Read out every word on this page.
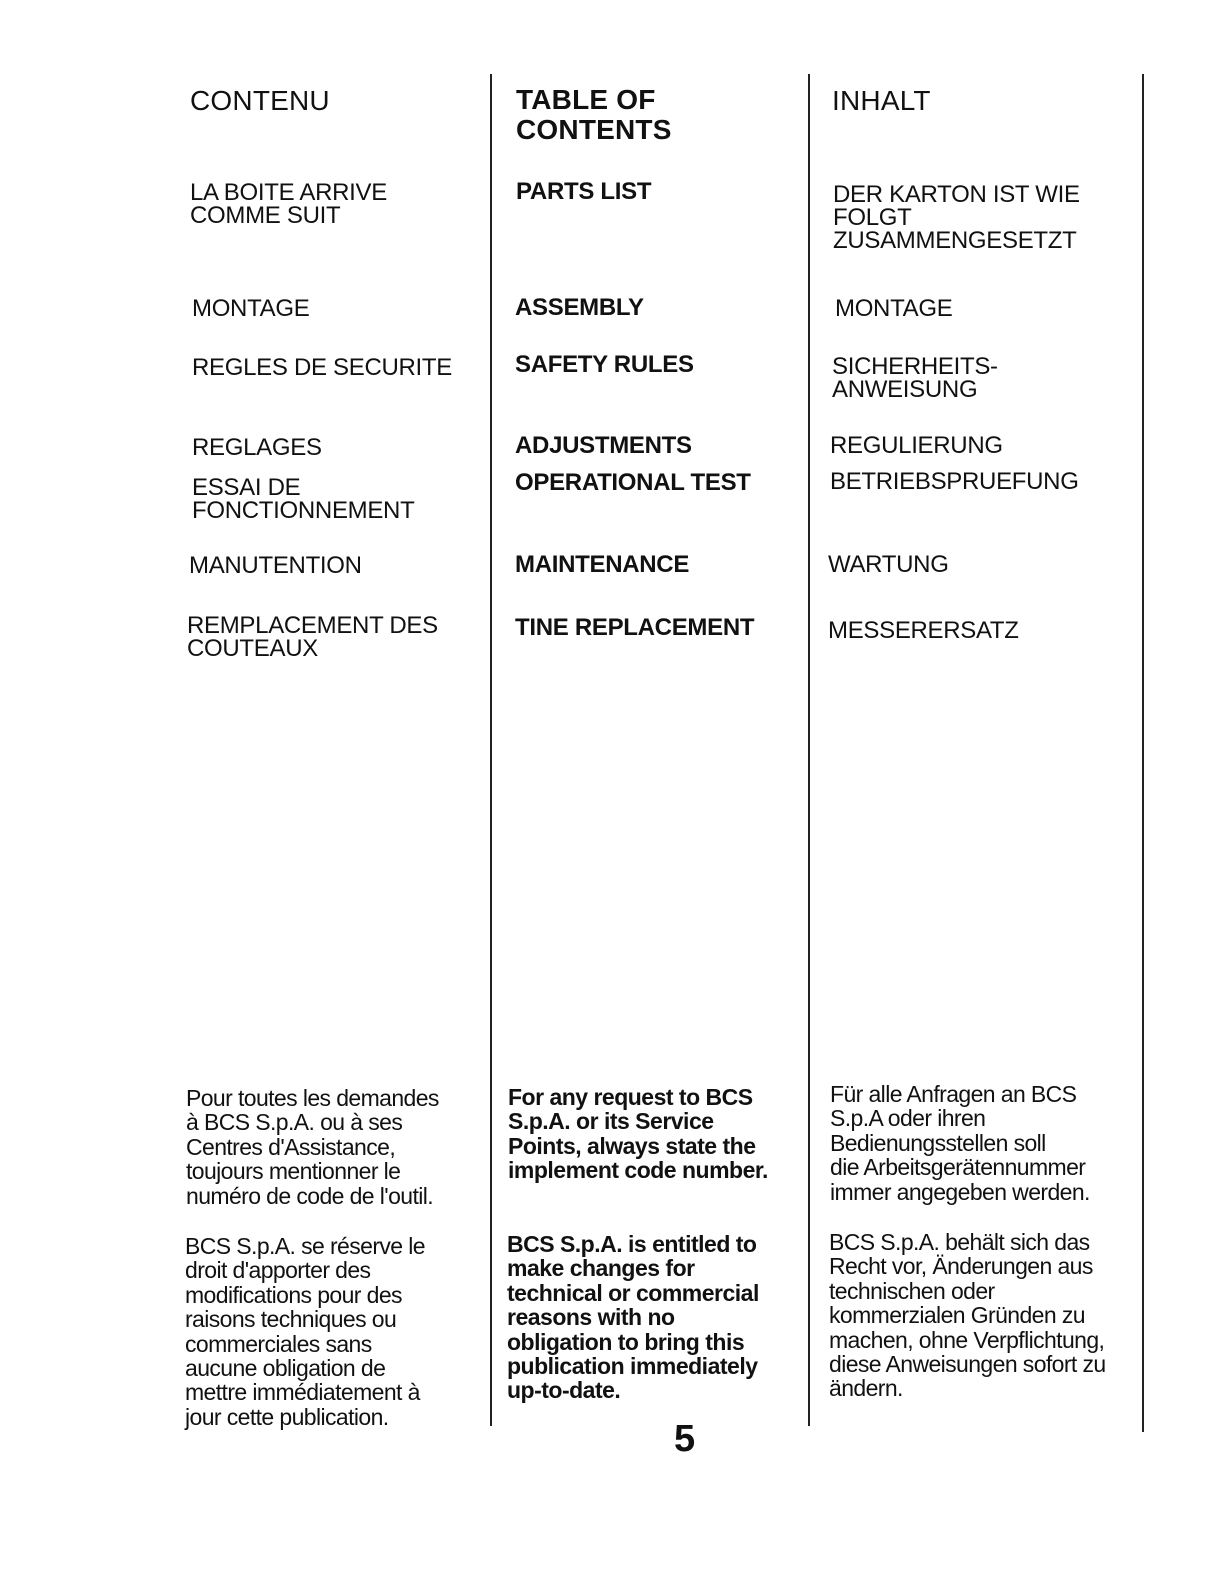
CONTENU
LA BOITE ARRIVE
COMME SUIT
MONTAGE
REGLES DE SECURITE
REGLAGES
ESSAI DE
FONCTIONNEMENT
MANUTENTION
REMPLACEMENT DES
COUTEAUX
Pour toutes les demandes
à BCS S.p.A. ou à ses
Centres d'Assistance,
toujours mentionner le
numéro de code de l'outil.
BCS S.p.A. se réserve le
droit d'apporter des
modifications pour des
raisons techniques ou
commerciales sans
aucune obligation de
mettre immédiatement à
jour cette publication.
TABLE OF
CONTENTS
PARTS LIST
ASSEMBLY
SAFETY RULES
ADJUSTMENTS
OPERATIONAL TEST
MAINTENANCE
TINE REPLACEMENT
For any request to BCS
S.p.A. or its Service
Points, always state the
implement code number.
BCS S.p.A. is entitled to
make changes for
technical or commercial
reasons with no
obligation to bring this
publication immediately
up-to-date.
INHALT
DER KARTON IST WIE
FOLGT
ZUSAMMENGESETZT
MONTAGE
SICHERHEITS-
ANWEISUNG
REGULIERUNG
BETRIEBSPRUEFUNG
WARTUNG
MESSERERSATZ
Für alle Anfragen an BCS
S.p.A oder ihren
Bedienungsstellen soll
die Arbeitsgerätennummer
immer angegeben werden.
BCS S.p.A. behält sich das
Recht vor, Änderungen aus
technischen oder
kommerzialen Gründen zu
machen, ohne Verpflichtung,
diese Anweisungen sofort zu
ändern.
5
